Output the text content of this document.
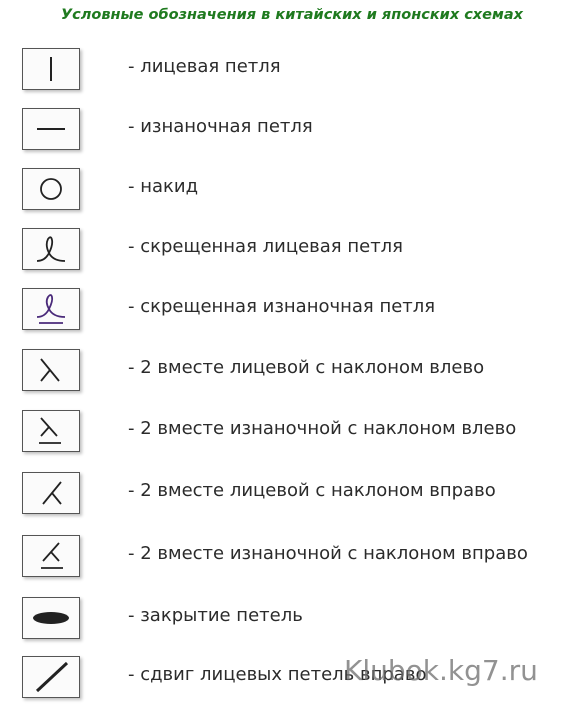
Условные обозначения в китайских и японских схемах
- лицевая петля
- изнаночная петля
- накид
- скрещенная лицевая петля
- скрещенная изнаночная петля
- 2 вместе лицевой с наклоном влево
- 2 вместе изнаночной с наклоном влево
- 2 вместе лицевой с наклоном вправо
- 2 вместе изнаночной с наклоном вправо
- закрытие петель
- сдвиг лицевых петель вправо
Klubok.kg7.ru
